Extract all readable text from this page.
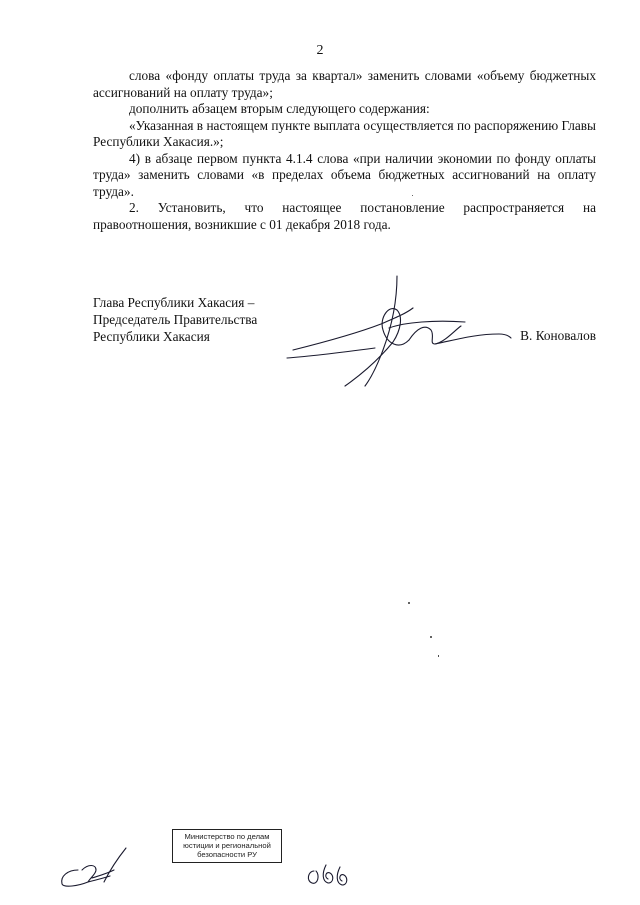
2

слова «фонду оплаты труда за квартал» заменить словами «объему бюджетных ассигнований на оплату труда»;

дополнить абзацем вторым следующего содержания:

«Указанная в настоящем пункте выплата осуществляется по распоряжению Главы Республики Хакасия.»;

4) в абзаце первом пункта 4.1.4 слова «при наличии экономии по фонду оплаты труда» заменить словами «в пределах объема бюджетных ассигнований на оплату труда».

2. Установить, что настоящее постановление распространяется на правоотношения, возникшие с 01 декабря 2018 года.

Глава Республики Хакасия –
Председатель Правительства
Республики Хакасия	В. Коновалов
Министерство по делам
юстиции и региональной
безопасности РУ
